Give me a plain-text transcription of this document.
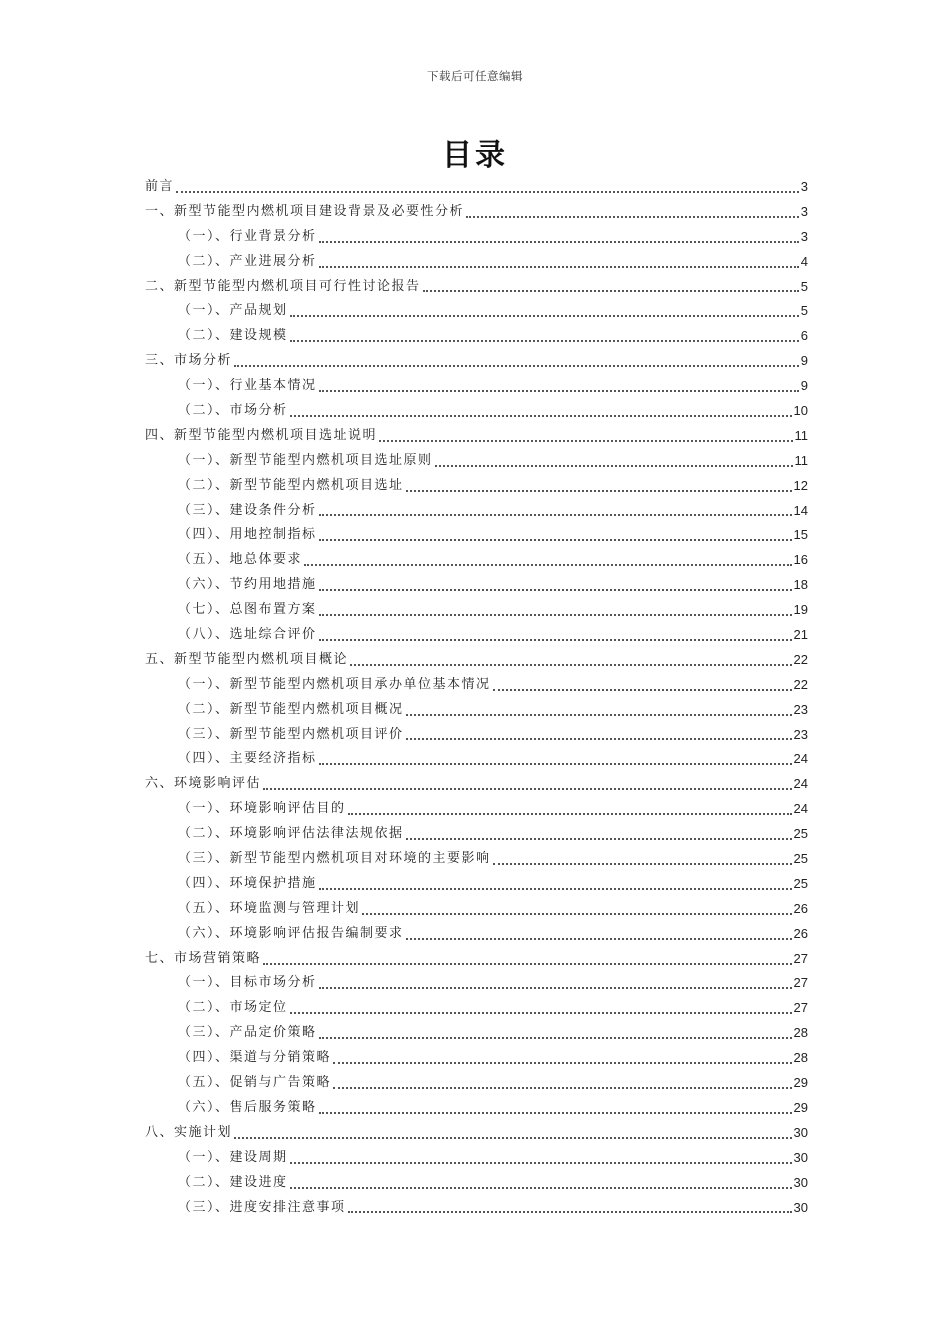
下载后可任意编辑
目录
前言	3
一、新型节能型内燃机项目建设背景及必要性分析	3
（一）、行业背景分析	3
（二）、产业进展分析	4
二、新型节能型内燃机项目可行性讨论报告	5
（一）、产品规划	5
（二）、建设规模	6
三、市场分析	9
（一）、行业基本情况	9
（二）、市场分析	10
四、新型节能型内燃机项目选址说明	11
（一）、新型节能型内燃机项目选址原则	11
（二）、新型节能型内燃机项目选址	12
（三）、建设条件分析	14
（四）、用地控制指标	15
（五）、地总体要求	16
（六）、节约用地措施	18
（七）、总图布置方案	19
（八）、选址综合评价	21
五、新型节能型内燃机项目概论	22
（一）、新型节能型内燃机项目承办单位基本情况	22
（二）、新型节能型内燃机项目概况	23
（三）、新型节能型内燃机项目评价	23
（四）、主要经济指标	24
六、环境影响评估	24
（一）、环境影响评估目的	24
（二）、环境影响评估法律法规依据	25
（三）、新型节能型内燃机项目对环境的主要影响	25
（四）、环境保护措施	25
（五）、环境监测与管理计划	26
（六）、环境影响评估报告编制要求	26
七、市场营销策略	27
（一）、目标市场分析	27
（二）、市场定位	27
（三）、产品定价策略	28
（四）、渠道与分销策略	28
（五）、促销与广告策略	29
（六）、售后服务策略	29
八、实施计划	30
（一）、建设周期	30
（二）、建设进度	30
（三）、进度安排注意事项	30
